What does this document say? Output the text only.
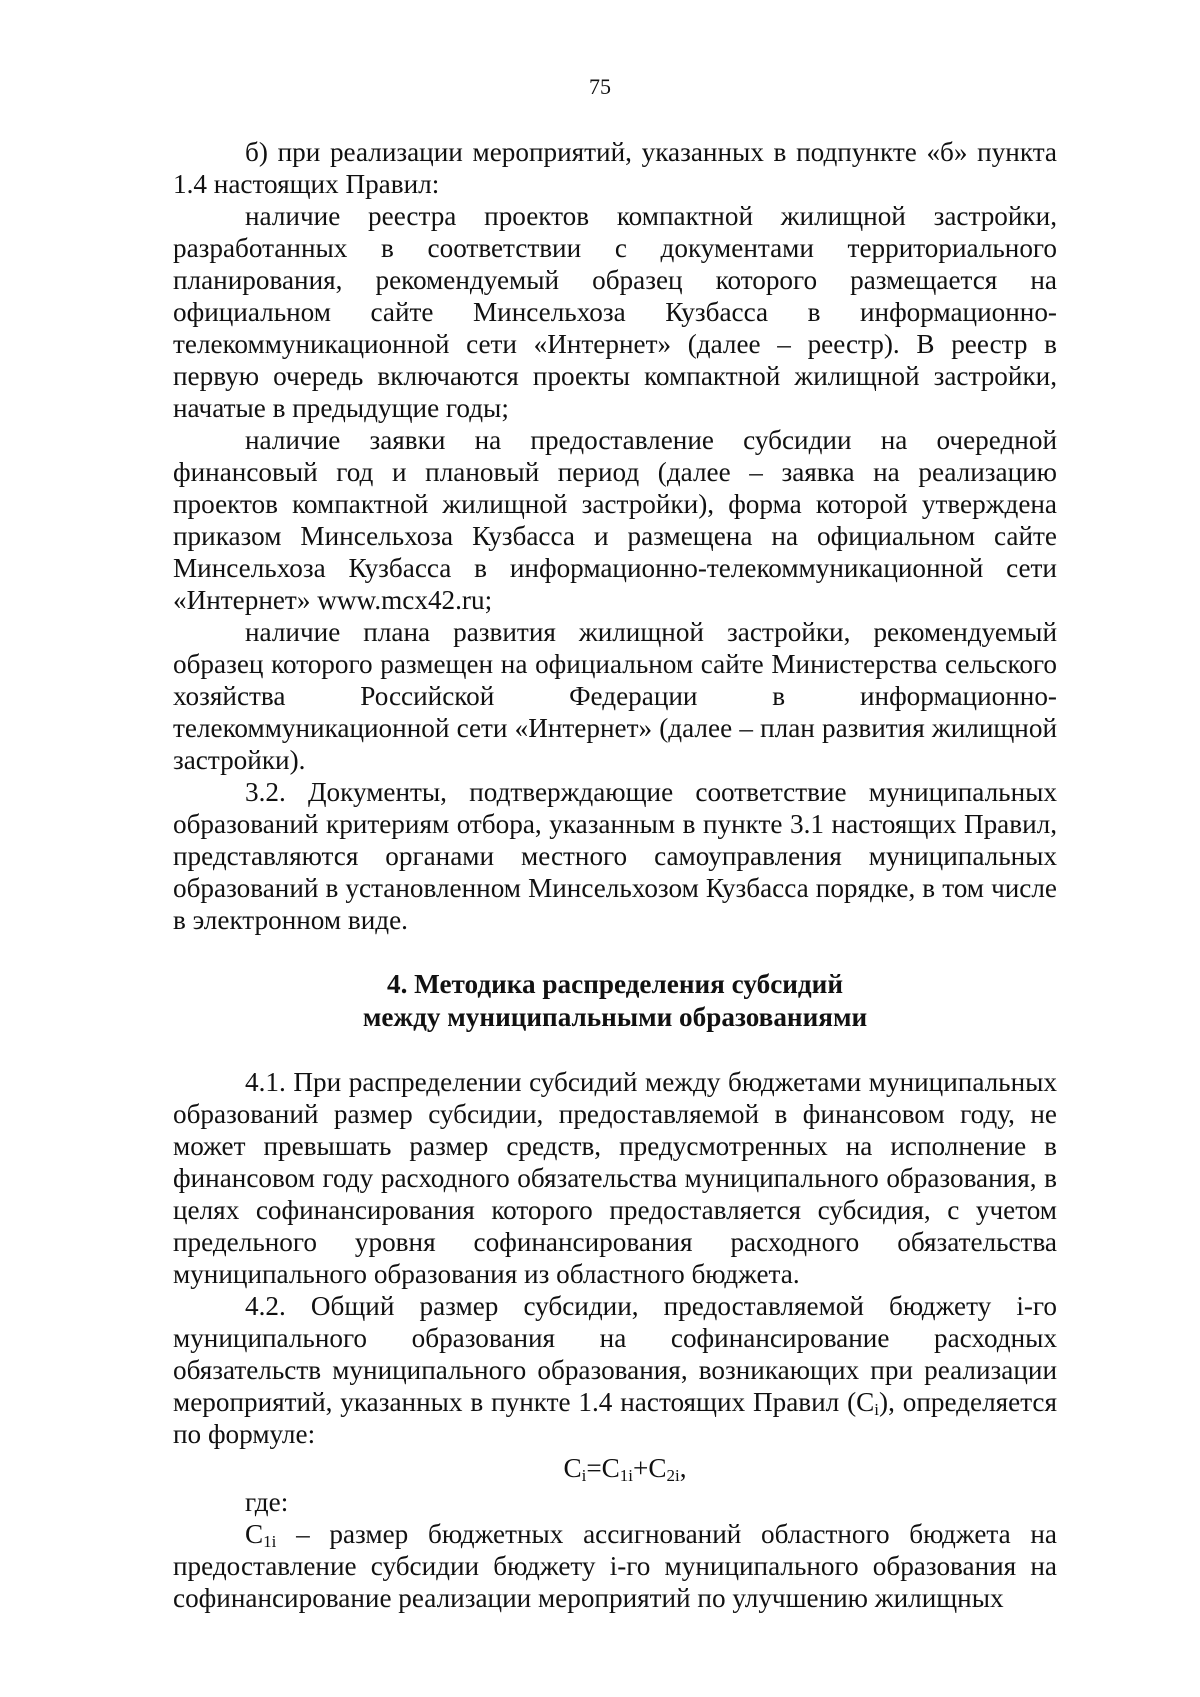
75

б) при реализации мероприятий, указанных в подпункте «б» пункта 1.4 настоящих Правил:

наличие реестра проектов компактной жилищной застройки, разработанных в соответствии с документами территориального планирования, рекомендуемый образец которого размещается на официальном сайте Минсельхоза Кузбасса в информационно-телекоммуникационной сети «Интернет» (далее – реестр). В реестр в первую очередь включаются проекты компактной жилищной застройки, начатые в предыдущие годы;

наличие заявки на предоставление субсидии на очередной финансовый год и плановый период (далее – заявка на реализацию проектов компактной жилищной застройки), форма которой утверждена приказом Минсельхоза Кузбасса и размещена на официальном сайте Минсельхоза Кузбасса в информационно-телекоммуникационной сети «Интернет» www.mcx42.ru;

наличие плана развития жилищной застройки, рекомендуемый образец которого размещен на официальном сайте Министерства сельского хозяйства Российской Федерации в информационно-телекоммуникационной сети «Интернет» (далее – план развития жилищной застройки).

3.2. Документы, подтверждающие соответствие муниципальных образований критериям отбора, указанным в пункте 3.1 настоящих Правил, представляются органами местного самоуправления муниципальных образований в установленном Минсельхозом Кузбасса порядке, в том числе в электронном виде.

4. Методика распределения субсидий
между муниципальными образованиями

4.1. При распределении субсидий между бюджетами муниципальных образований размер субсидии, предоставляемой в финансовом году, не может превышать размер средств, предусмотренных на исполнение в финансовом году расходного обязательства муниципального образования, в целях софинансирования которого предоставляется субсидия, с учетом предельного уровня софинансирования расходного обязательства муниципального образования из областного бюджета.

4.2. Общий размер субсидии, предоставляемой бюджету i-го муниципального образования на софинансирование расходных обязательств муниципального образования, возникающих при реализации мероприятий, указанных в пункте 1.4 настоящих Правил $(C_i)$, определяется по формуле:

$C_i=C_{1i}+C_{2i}$,

где:

$C_{1i}$ – размер бюджетных ассигнований областного бюджета на предоставление субсидии бюджету i-го муниципального образования на софинансирование реализации мероприятий по улучшению жилищных
